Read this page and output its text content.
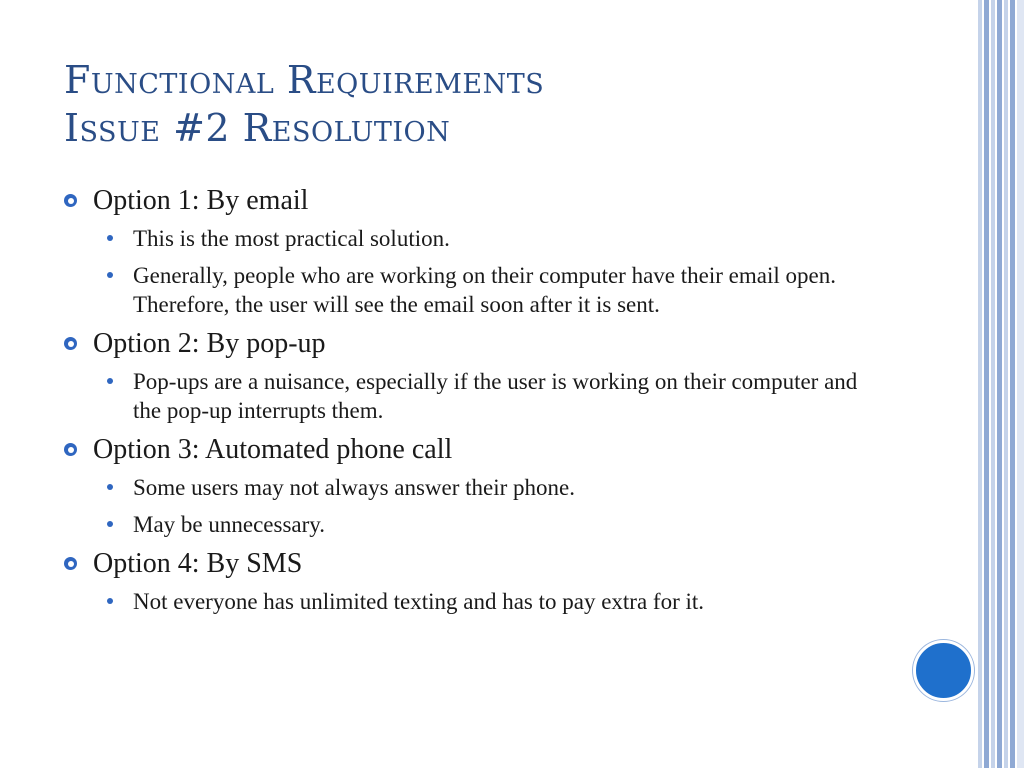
Functional Requirements
Issue #2 Resolution
Option 1: By email
This is the most practical solution.
Generally, people who are working on their computer have their email open. Therefore, the user will see the email soon after it is sent.
Option 2: By pop-up
Pop-ups are a nuisance, especially if the user is working on their computer and the pop-up interrupts them.
Option 3: Automated phone call
Some users may not always answer their phone.
May be unnecessary.
Option 4: By SMS
Not everyone has unlimited texting and has to pay extra for it.
